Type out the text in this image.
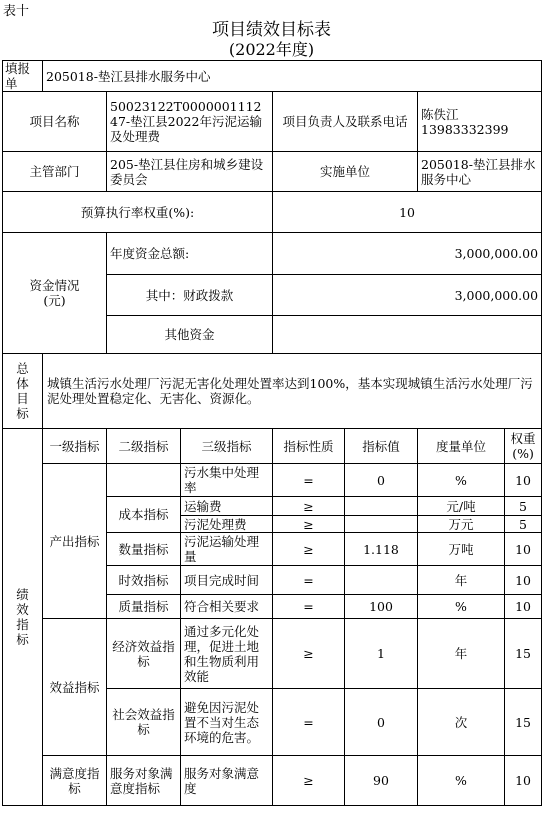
表十
项目绩效目标表
(2022年度)
填报单	205018-垫江县排水服务中心						
项目名称		50023122T000000111247-垫江县2022年污泥运输及处理费		项目负责人及联系电话		陈佚江
13983332399	

主管部门		205-垫江县住房和城乡建设委员会		实施单位		205018-垫江县排水服务中心	
预算执行率权重(%):				10			
资金情况(元)		年度资金总额:		3,000,000.00			
		其中：财政拨款		3,000,000.00			
		其他资金					
总体目标	城镇生活污水处理厂污泥无害化处理处置率达到100%，基本实现城镇生活污水处理厂污泥处理处置稳定化、无害化、资源化。						
绩效指标	一级指标	二级指标	三级指标	指标性质	指标值	度量单位	权重(%)
	产出指标		污水集中处理率	=	0	%	10
		成本指标	运输费	≥		元/吨	5
			污泥处理费	≥		万元	5
		数量指标	污泥运输处理量	≥	1.118	万吨	10
		时效指标	项目完成时间	=		年	10
		质量指标	符合相关要求	=	100	%	10
	效益指标	经济效益指标	通过多元化处理，促进土地和生物质利用效能	≥	1	年	15
		社会效益指标	避免因污泥处置不当对生态环境的危害。	=	0	次	15
	满意度指标	服务对象满意度指标	服务对象满意度	≥	90	%	10
